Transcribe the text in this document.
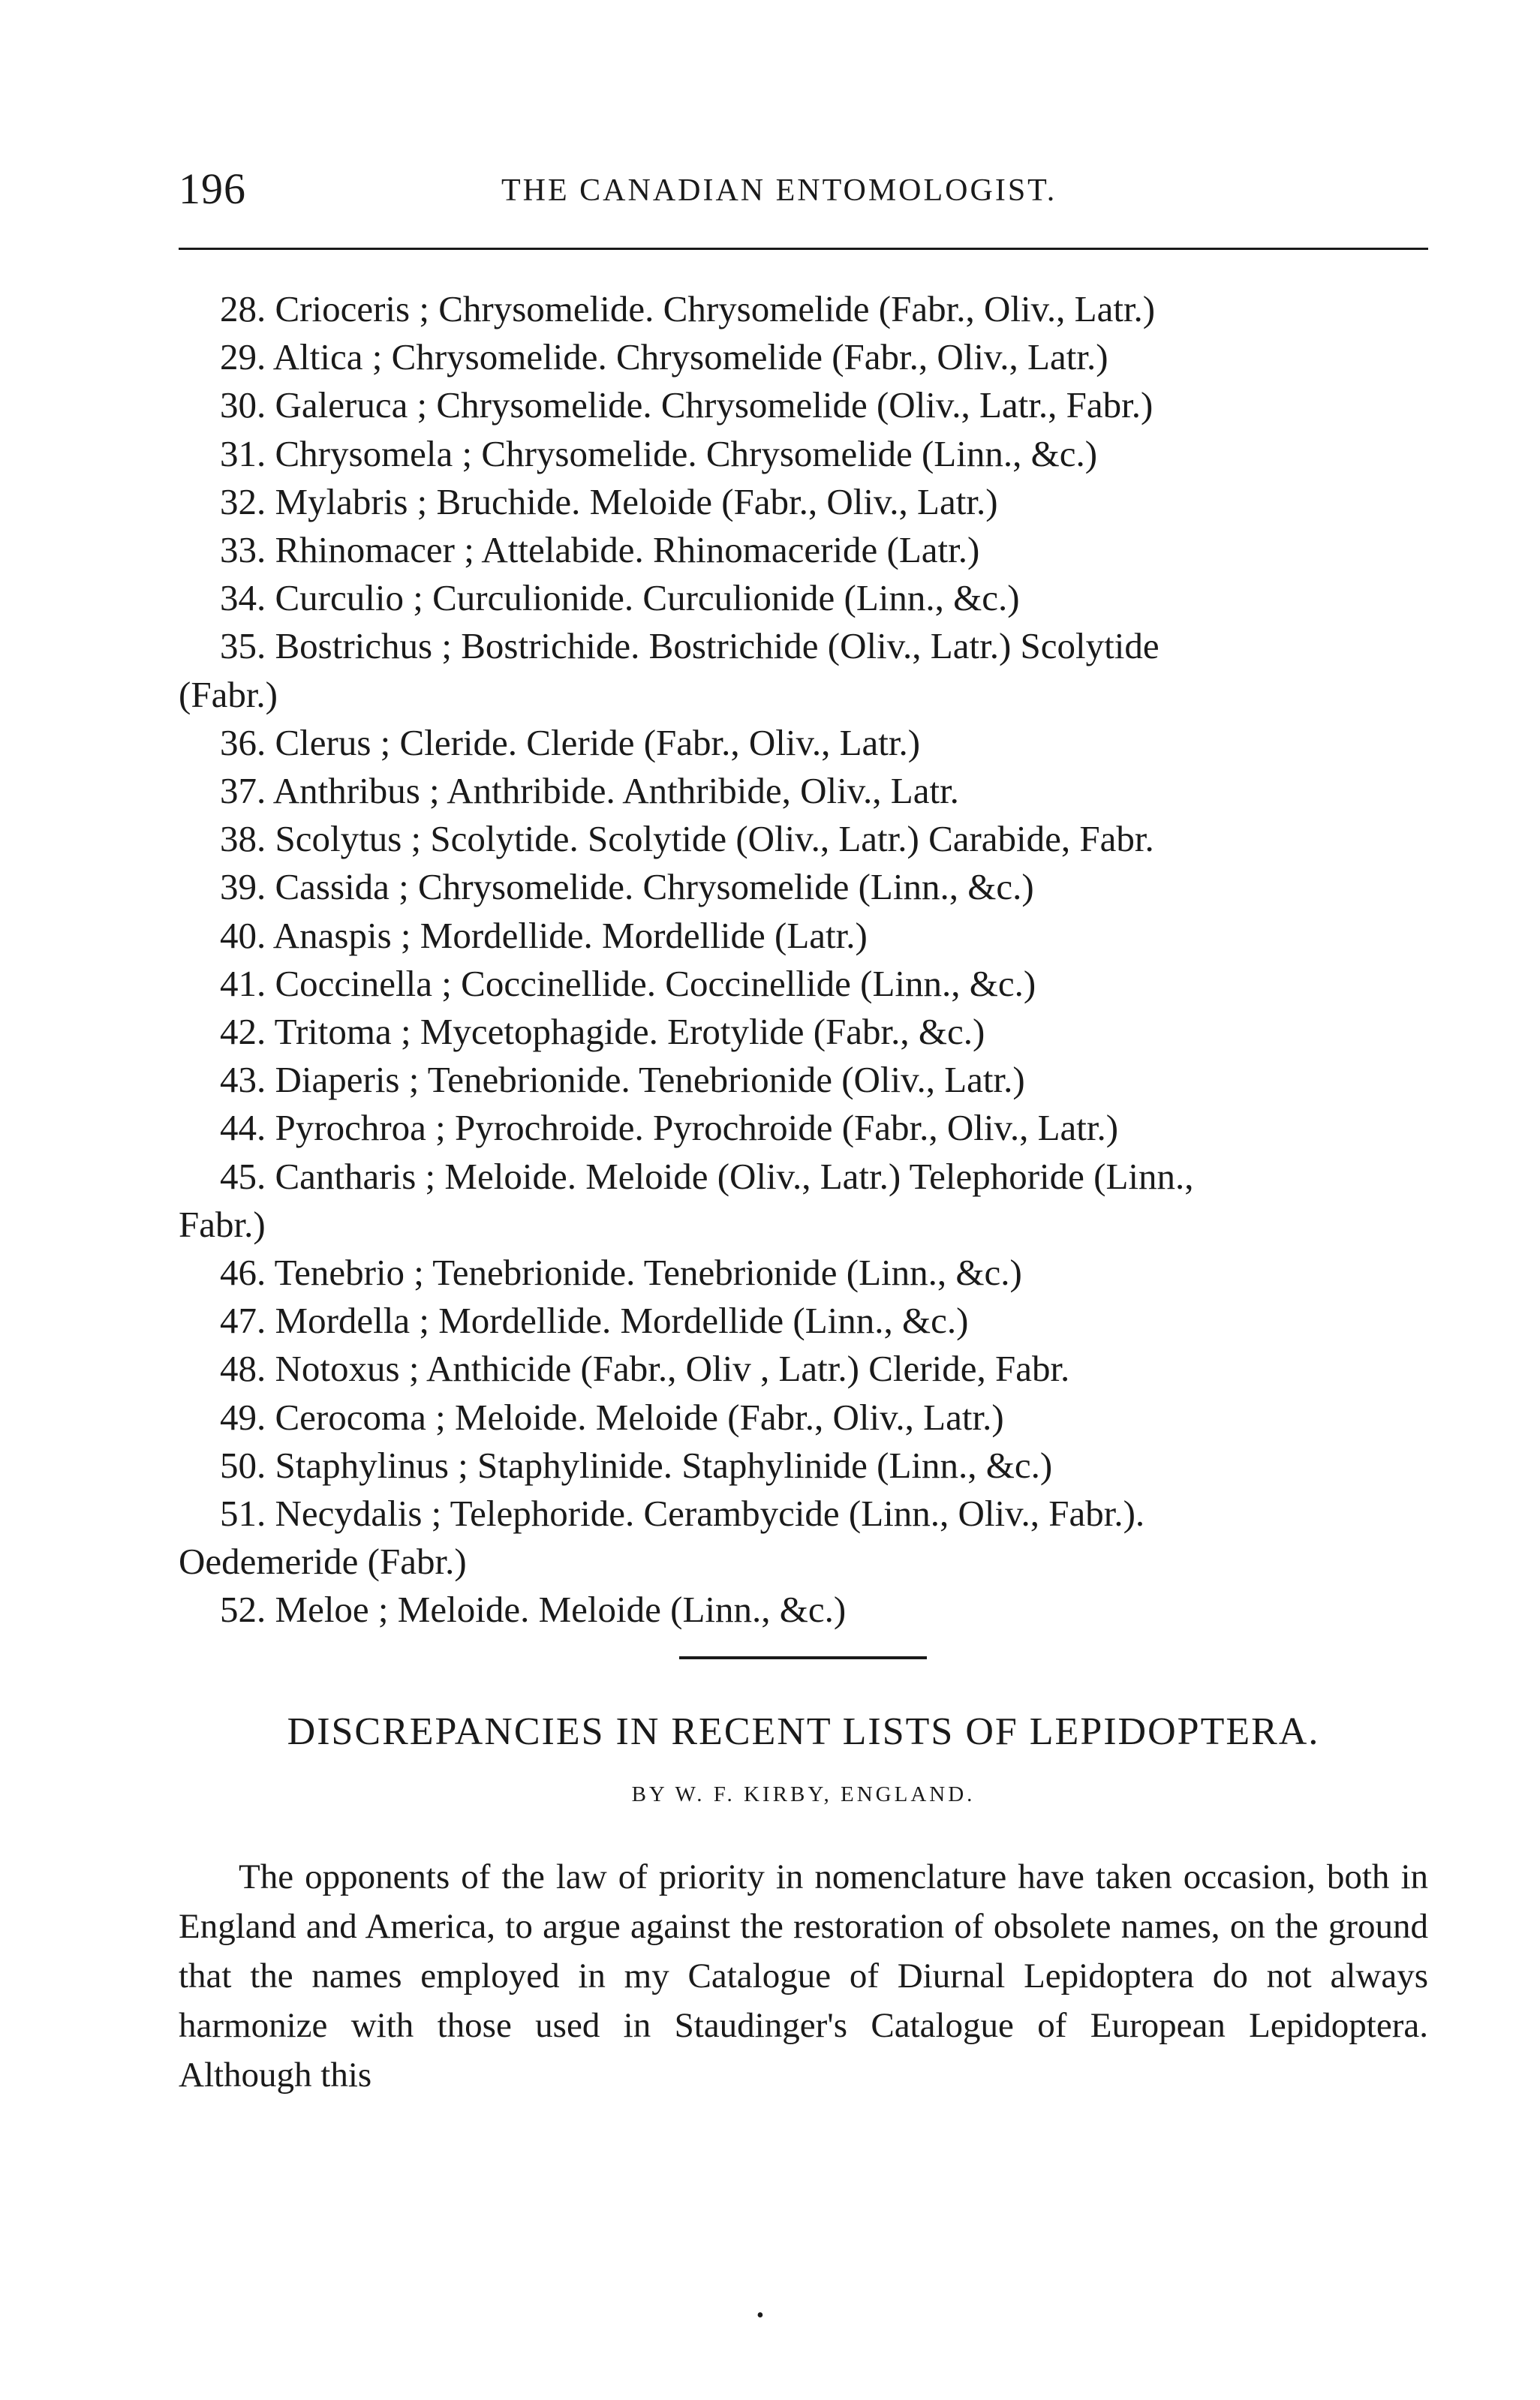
196	THE CANADIAN ENTOMOLOGIST.
28. Crioceris ; Chrysomelide. Chrysomelide (Fabr., Oliv., Latr.)
29. Altica ; Chrysomelide. Chrysomelide (Fabr., Oliv., Latr.)
30. Galeruca ; Chrysomelide. Chrysomelide (Oliv., Latr., Fabr.)
31. Chrysomela ; Chrysomelide. Chrysomelide (Linn., &c.)
32. Mylabris ; Bruchide. Meloide (Fabr., Oliv., Latr.)
33. Rhinomacer ; Attelabide. Rhinomaceride (Latr.)
34. Curculio ; Curculionide. Curculionide (Linn., &c.)
35. Bostrichus ; Bostrichide. Bostrichide (Oliv., Latr.) Scolytide
(Fabr.)
36. Clerus ; Cleride. Cleride (Fabr., Oliv., Latr.)
37. Anthribus ; Anthribide. Anthribide, Oliv., Latr.
38. Scolytus ; Scolytide. Scolytide (Oliv., Latr.) Carabide, Fabr.
39. Cassida ; Chrysomelide. Chrysomelide (Linn., &c.)
40. Anaspis ; Mordellide. Mordellide (Latr.)
41. Coccinella ; Coccinellide. Coccinellide (Linn., &c.)
42. Tritoma ; Mycetophagide. Erotylide (Fabr., &c.)
43. Diaperis ; Tenebrionide. Tenebrionide (Oliv., Latr.)
44. Pyrochroa ; Pyrochroide. Pyrochroide (Fabr., Oliv., Latr.)
45. Cantharis ; Meloide. Meloide (Oliv., Latr.) Telephoride (Linn.,
Fabr.)
46. Tenebrio ; Tenebrionide. Tenebrionide (Linn., &c.)
47. Mordella ; Mordellide. Mordellide (Linn., &c.)
48. Notoxus ; Anthicide (Fabr., Oliv , Latr.) Cleride, Fabr.
49. Cerocoma ; Meloide. Meloide (Fabr., Oliv., Latr.)
50. Staphylinus ; Staphylinide. Staphylinide (Linn., &c.)
51. Necydalis ; Telephoride. Cerambycide (Linn., Oliv., Fabr.).
Oedemeride (Fabr.)
52. Meloe ; Meloide. Meloide (Linn., &c.)
DISCREPANCIES IN RECENT LISTS OF LEPIDOPTERA.
BY W. F. KIRBY, ENGLAND.
The opponents of the law of priority in nomenclature have taken occasion, both in England and America, to argue against the restoration of obsolete names, on the ground that the names employed in my Catalogue of Diurnal Lepidoptera do not always harmonize with those used in Staudinger's Catalogue of European Lepidoptera. Although this
•
